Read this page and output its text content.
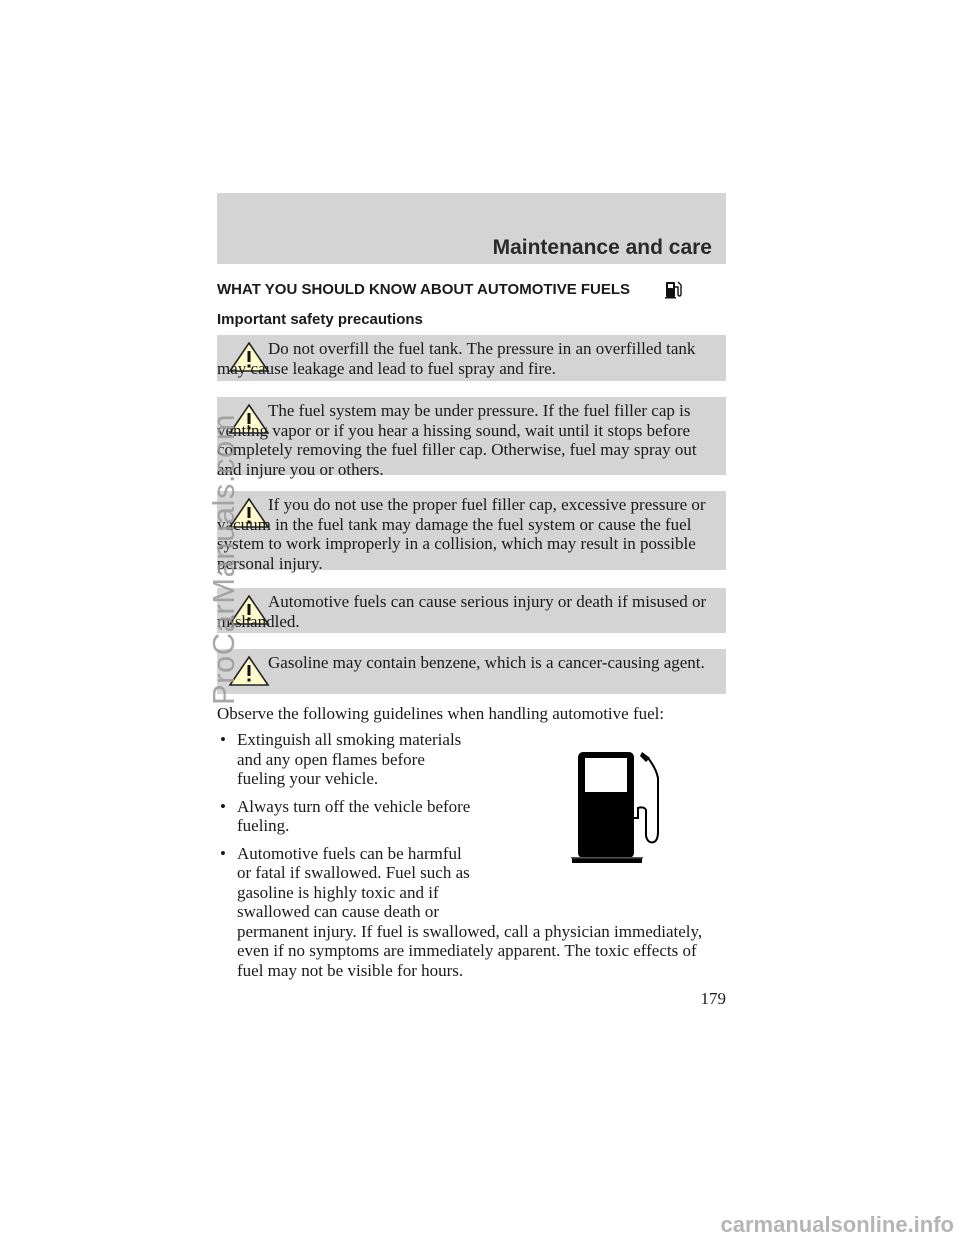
Maintenance and care
WHAT YOU SHOULD KNOW ABOUT AUTOMOTIVE FUELS
Important safety precautions
Do not overfill the fuel tank. The pressure in an overfilled tank may cause leakage and lead to fuel spray and fire.
The fuel system may be under pressure. If the fuel filler cap is venting vapor or if you hear a hissing sound, wait until it stops before completely removing the fuel filler cap. Otherwise, fuel may spray out and injure you or others.
If you do not use the proper fuel filler cap, excessive pressure or vacuum in the fuel tank may damage the fuel system or cause the fuel system to work improperly in a collision, which may result in possible personal injury.
Automotive fuels can cause serious injury or death if misused or mishandled.
Gasoline may contain benzene, which is a cancer-causing agent.
Observe the following guidelines when handling automotive fuel:
• Extinguish all smoking materials and any open flames before fueling your vehicle.
• Always turn off the vehicle before fueling.
• Automotive fuels can be harmful or fatal if swallowed. Fuel such as gasoline is highly toxic and if swallowed can cause death or
permanent injury. If fuel is swallowed, call a physician immediately, even if no symptoms are immediately apparent. The toxic effects of fuel may not be visible for hours.
179
ProCarManuals.com
carmanualsonline.info
